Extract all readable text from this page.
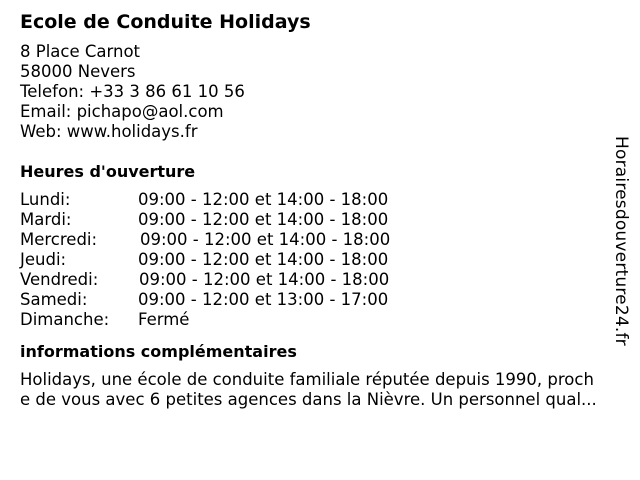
Ecole de Conduite Holidays
8 Place Carnot
58000 Nevers
Telefon: +33 3 86 61 10 56
Email: pichapo@aol.com
Web: www.holidays.fr
Heures d'ouverture
Lundi:	09:00 - 12:00 et 14:00 - 18:00
Mardi:	09:00 - 12:00 et 14:00 - 18:00
Mercredi:	09:00 - 12:00 et 14:00 - 18:00
Jeudi:	09:00 - 12:00 et 14:00 - 18:00
Vendredi: 09:00 - 12:00 et 14:00 - 18:00
Samedi:	09:00 - 12:00 et 13:00 - 17:00
Dimanche: Fermé
informations complémentaires
Holidays, une école de conduite familiale réputée depuis 1990, proch
e de vous avec 6 petites agences dans la Nièvre. Un personnel qual...
Horairesdouverture24.fr
